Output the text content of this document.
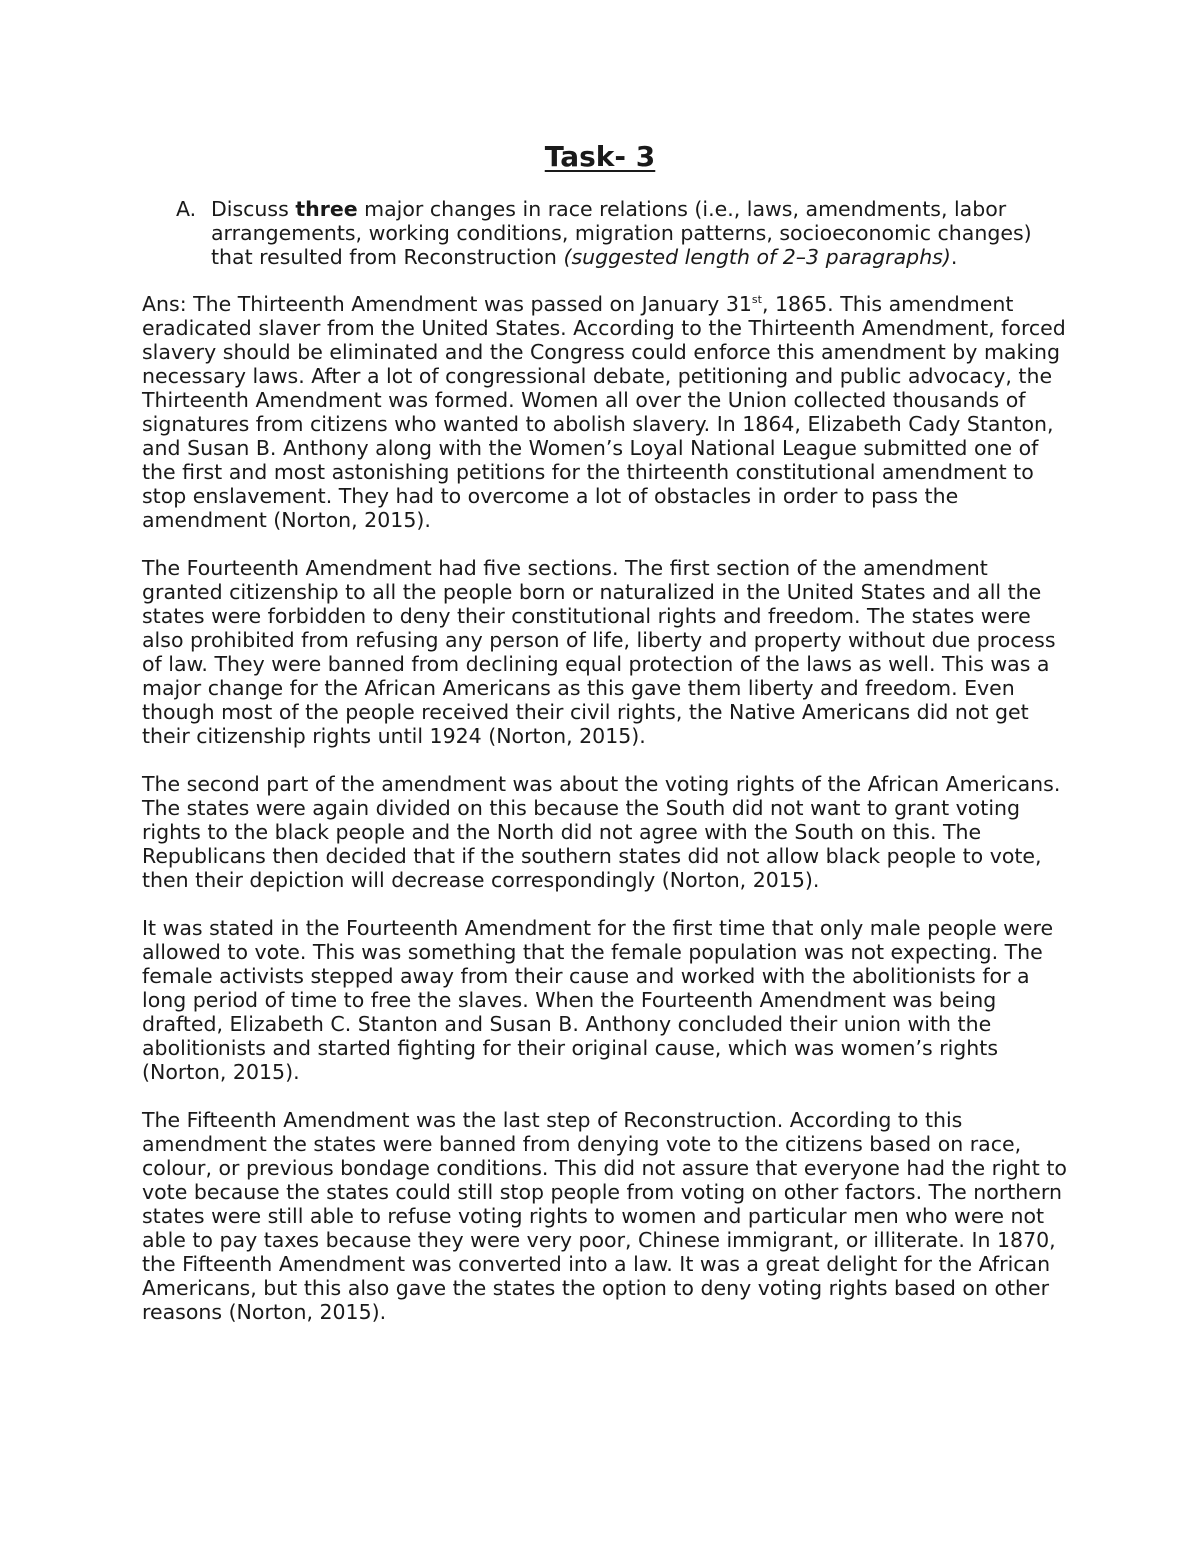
Task- 3
A. Discuss three major changes in race relations (i.e., laws, amendments, labor arrangements, working conditions, migration patterns, socioeconomic changes) that resulted from Reconstruction (suggested length of 2–3 paragraphs).

Ans: The Thirteenth Amendment was passed on January 31st, 1865. This amendment eradicated slaver from the United States. According to the Thirteenth Amendment, forced slavery should be eliminated and the Congress could enforce this amendment by making necessary laws. After a lot of congressional debate, petitioning and public advocacy, the Thirteenth Amendment was formed. Women all over the Union collected thousands of signatures from citizens who wanted to abolish slavery. In 1864, Elizabeth Cady Stanton, and Susan B. Anthony along with the Women’s Loyal National League submitted one of the first and most astonishing petitions for the thirteenth constitutional amendment to stop enslavement. They had to overcome a lot of obstacles in order to pass the amendment (Norton, 2015).

The Fourteenth Amendment had five sections. The first section of the amendment granted citizenship to all the people born or naturalized in the United States and all the states were forbidden to deny their constitutional rights and freedom. The states were also prohibited from refusing any person of life, liberty and property without due process of law. They were banned from declining equal protection of the laws as well. This was a major change for the African Americans as this gave them liberty and freedom. Even though most of the people received their civil rights, the Native Americans did not get their citizenship rights until 1924 (Norton, 2015).

The second part of the amendment was about the voting rights of the African Americans. The states were again divided on this because the South did not want to grant voting rights to the black people and the North did not agree with the South on this. The Republicans then decided that if the southern states did not allow black people to vote, then their depiction will decrease correspondingly (Norton, 2015).

It was stated in the Fourteenth Amendment for the first time that only male people were allowed to vote. This was something that the female population was not expecting. The female activists stepped away from their cause and worked with the abolitionists for a long period of time to free the slaves. When the Fourteenth Amendment was being drafted, Elizabeth C. Stanton and Susan B. Anthony concluded their union with the abolitionists and started fighting for their original cause, which was women’s rights (Norton, 2015).

The Fifteenth Amendment was the last step of Reconstruction. According to this amendment the states were banned from denying vote to the citizens based on race, colour, or previous bondage conditions. This did not assure that everyone had the right to vote because the states could still stop people from voting on other factors. The northern states were still able to refuse voting rights to women and particular men who were not able to pay taxes because they were very poor, Chinese immigrant, or illiterate. In 1870, the Fifteenth Amendment was converted into a law. It was a great delight for the African Americans, but this also gave the states the option to deny voting rights based on other reasons (Norton, 2015).
